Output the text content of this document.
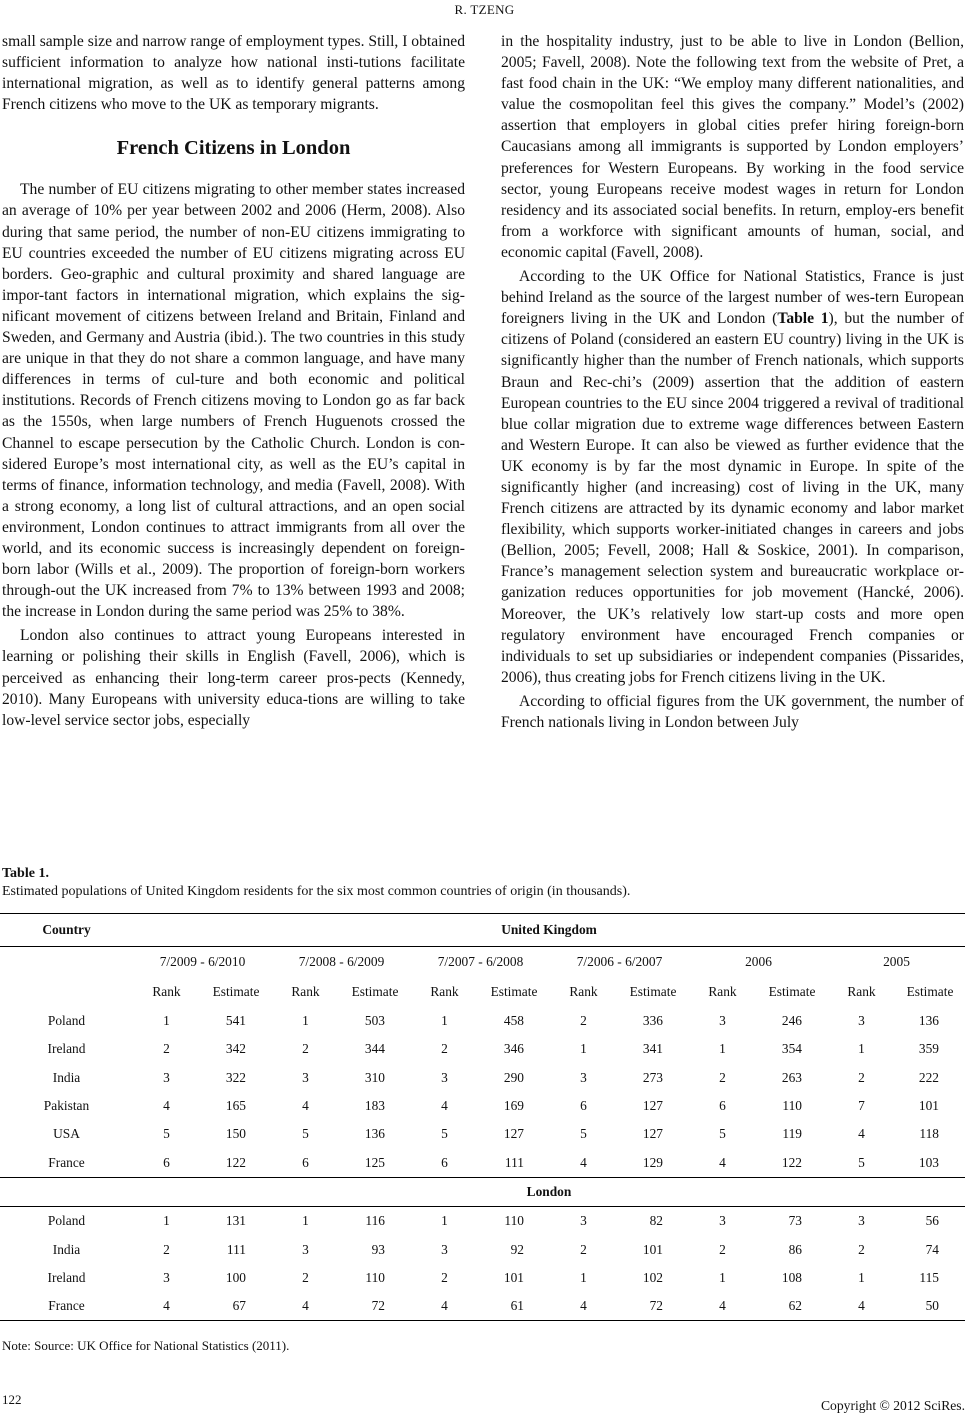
R. TZENG

small sample size and narrow range of employment types. Still, I obtained sufficient information to analyze how national insti-tutions facilitate international migration, as well as to identify general patterns among French citizens who move to the UK as temporary migrants.

French Citizens in London

The number of EU citizens migrating to other member states increased an average of 10% per year between 2002 and 2006 (Herm, 2008). Also during that same period, the number of non-EU citizens immigrating to EU countries exceeded the number of EU citizens migrating across EU borders. Geo-graphic and cultural proximity and shared language are impor-tant factors in international migration, which explains the sig-nificant movement of citizens between Ireland and Britain, Finland and Sweden, and Germany and Austria (ibid.). The two countries in this study are unique in that they do not share a common language, and have many differences in terms of cul-ture and both economic and political institutions. Records of French citizens moving to London go as far back as the 1550s, when large numbers of French Huguenots crossed the Channel to escape persecution by the Catholic Church. London is con-sidered Europe’s most international city, as well as the EU’s capital in terms of finance, information technology, and media (Favell, 2008). With a strong economy, a long list of cultural attractions, and an open social environment, London continues to attract immigrants from all over the world, and its economic success is increasingly dependent on foreign-born labor (Wills et al., 2009). The proportion of foreign-born workers through-out the UK increased from 7% to 13% between 1993 and 2008; the increase in London during the same period was 25% to 38%.

London also continues to attract young Europeans interested in learning or polishing their skills in English (Favell, 2006), which is perceived as enhancing their long-term career pros-pects (Kennedy, 2010). Many Europeans with university educa-tions are willing to take low-level service sector jobs, especially

in the hospitality industry, just to be able to live in London (Bellion, 2005; Favell, 2008). Note the following text from the website of Pret, a fast food chain in the UK: “We employ many different nationalities, and value the cosmopolitan feel this gives the company.” Model’s (2002) assertion that employers in global cities prefer hiring foreign-born Caucasians among all immigrants is supported by London employers’ preferences for Western Europeans. By working in the food service sector, young Europeans receive modest wages in return for London residency and its associated social benefits. In return, employ-ers benefit from a workforce with significant amounts of human, social, and economic capital (Favell, 2008).

According to the UK Office for National Statistics, France is just behind Ireland as the source of the largest number of wes-tern European foreigners living in the UK and London (Table 1), but the number of citizens of Poland (considered an eastern EU country) living in the UK is significantly higher than the number of French nationals, which supports Braun and Rec-chi’s (2009) assertion that the addition of eastern European countries to the EU since 2004 triggered a revival of traditional blue collar migration due to extreme wage differences between Eastern and Western Europe. It can also be viewed as further evidence that the UK economy is by far the most dynamic in Europe. In spite of the significantly higher (and increasing) cost of living in the UK, many French citizens are attracted by its dynamic economy and labor market flexibility, which supports worker-initiated changes in careers and jobs (Bellion, 2005; Fevell, 2008; Hall & Soskice, 2001). In comparison, France’s management selection system and bureaucratic workplace or-ganization reduces opportunities for job movement (Hancké, 2006). Moreover, the UK’s relatively low start-up costs and more open regulatory environment have encouraged French companies or individuals to set up subsidiaries or independent companies (Pissarides, 2006), thus creating jobs for French citizens living in the UK.

According to official figures from the UK government, the number of French nationals living in London between July

Table 1.
Estimated populations of United Kingdom residents for the six most common countries of origin (in thousands).
Country	United Kingdom											
	7/2009 - 6/2010		7/2008 - 6/2009		7/2007 - 6/2008		7/2006 - 6/2007		2006		2005	
	Rank	Estimate	Rank	Estimate	Rank	Estimate	Rank	Estimate	Rank	Estimate	Rank	Estimate
Poland	1	541	1	503	1	458	2	336	3	246	3	136
Ireland	2	342	2	344	2	346	1	341	1	354	1	359
India	3	322	3	310	3	290	3	273	2	263	2	222
Pakistan	4	165	4	183	4	169	6	127	6	110	7	101
USA	5	150	5	136	5	127	5	127	5	119	4	118
France	6	122	6	125	6	111	4	129	4	122	5	103
	London											
Poland	1	131	1	116	1	110	3	82	3	73	3	56
India	2	111	3	93	3	92	2	101	2	86	2	74
Ireland	3	100	2	110	2	101	1	102	1	108	1	115
France	4	67	4	72	4	61	4	72	4	62	4	50
Note: Source: UK Office for National Statistics (2011).
122	Copyright © 2012 SciRes.
